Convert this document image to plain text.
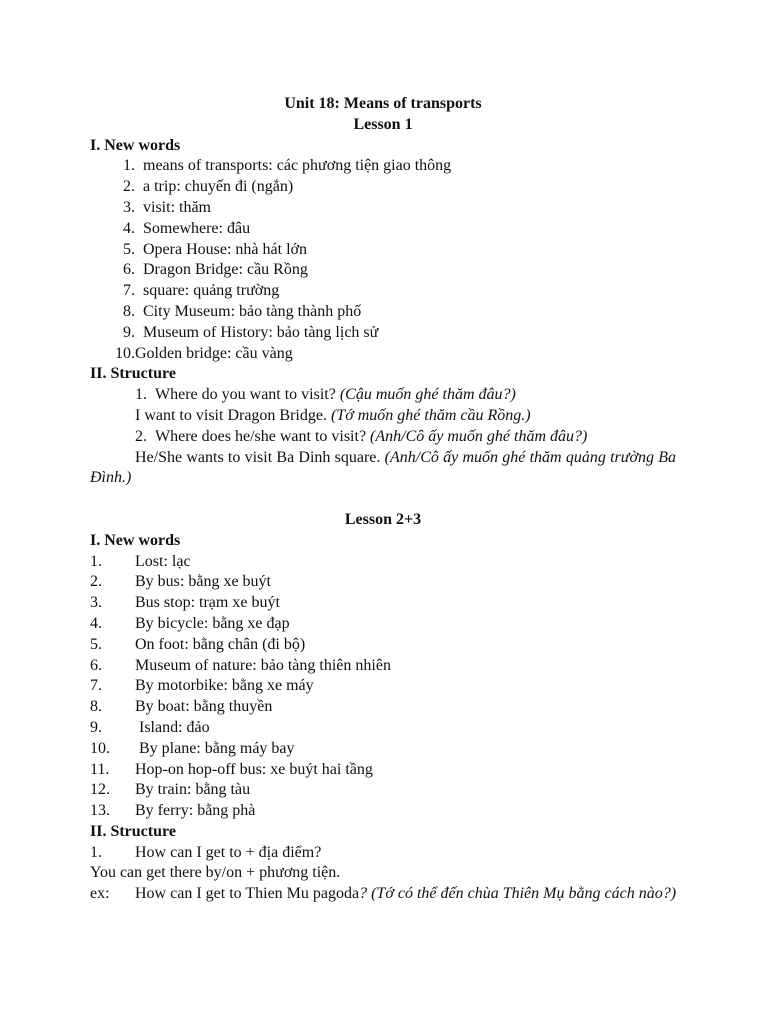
Unit 18: Means of transports
Lesson 1
I. New words
1. means of transports: các phương tiện giao thông
2. a trip: chuyến đi (ngắn)
3. visit: thăm
4. Somewhere: đâu
5. Opera House: nhà hát lớn
6. Dragon Bridge: cầu Rồng
7. square: quảng trường
8. City Museum: bảo tàng thành phố
9. Museum of History: bảo tàng lịch sử
10.Golden bridge: cầu vàng
II. Structure
1. Where do you want to visit? (Cậu muốn ghé thăm đâu?)
I want to visit Dragon Bridge. (Tớ muốn ghé thăm cầu Rồng.)
2. Where does he/she want to visit? (Anh/Cô ấy muốn ghé thăm đâu?)
He/She wants to visit Ba Dinh square. (Anh/Cô ấy muốn ghé thăm quảng trường Ba Đình.)
Lesson 2+3
I. New words
1. Lost: lạc
2. By bus: bằng xe buýt
3. Bus stop: trạm xe buýt
4. By bicycle: bằng xe đạp
5. On foot: bằng chân (đi bộ)
6. Museum of nature: bảo tàng thiên nhiên
7. By motorbike: bằng xe máy
8. By boat: bằng thuyền
9. Island: đảo
10. By plane: bằng máy bay
11. Hop-on hop-off bus: xe buýt hai tầng
12. By train: bằng tàu
13. By ferry: bằng phà
II. Structure
1. How can I get to + địa điểm?
You can get there by/on + phương tiện.
ex: How can I get to Thien Mu pagoda? (Tớ có thể đến chùa Thiên Mụ bằng cách nào?)
